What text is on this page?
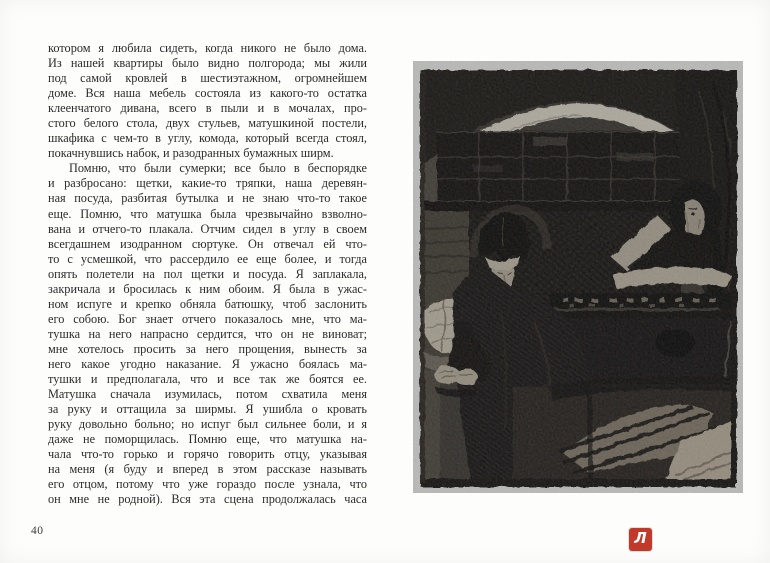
котором я любила сидеть, когда никого не было дома.
Из нашей квартиры было видно полгорода; мы жили
под самой кровлей в шестиэтажном, огромнейшем
доме. Вся наша мебель состояла из какого-то остатка
клеенчатого дивана, всего в пыли и в мочалах, про-
стого белого стола, двух стульев, матушкиной постели,
шкафика с чем-то в углу, комода, который всегда стоял,
покачнувшись набок, и разодранных бумажных ширм.
Помню, что были сумерки; все было в беспорядке
и разбросано: щетки, какие-то тряпки, наша деревян-
ная посуда, разбитая бутылка и не знаю что-то такое
еще. Помню, что матушка была чрезвычайно взволно-
вана и отчего-то плакала. Отчим сидел в углу в своем
всегдашнем изодранном сюртуке. Он отвечал ей что-
то с усмешкой, что рассердило ее еще более, и тогда
опять полетели на пол щетки и посуда. Я заплакала,
закричала и бросилась к ним обоим. Я была в ужас-
ном испуге и крепко обняла батюшку, чтоб заслонить
его собою. Бог знает отчего показалось мне, что ма-
тушка на него напрасно сердится, что он не виноват;
мне хотелось просить за него прощения, вынесть за
него какое угодно наказание. Я ужасно боялась ма-
тушки и предполагала, что и все так же боятся ее.
Матушка сначала изумилась, потом схватила меня
за руку и оттащила за ширмы. Я ушибла о кровать
руку довольно больно; но испуг был сильнее боли, и я
даже не поморщилась. Помню еще, что матушка на-
чала что-то горько и горячо говорить отцу, указывая
на меня (я буду и вперед в этом рассказе называть
его отцом, потому что уже гораздо после узнала, что
он мне не родной). Вся эта сцена продолжалась часа
40	Л
